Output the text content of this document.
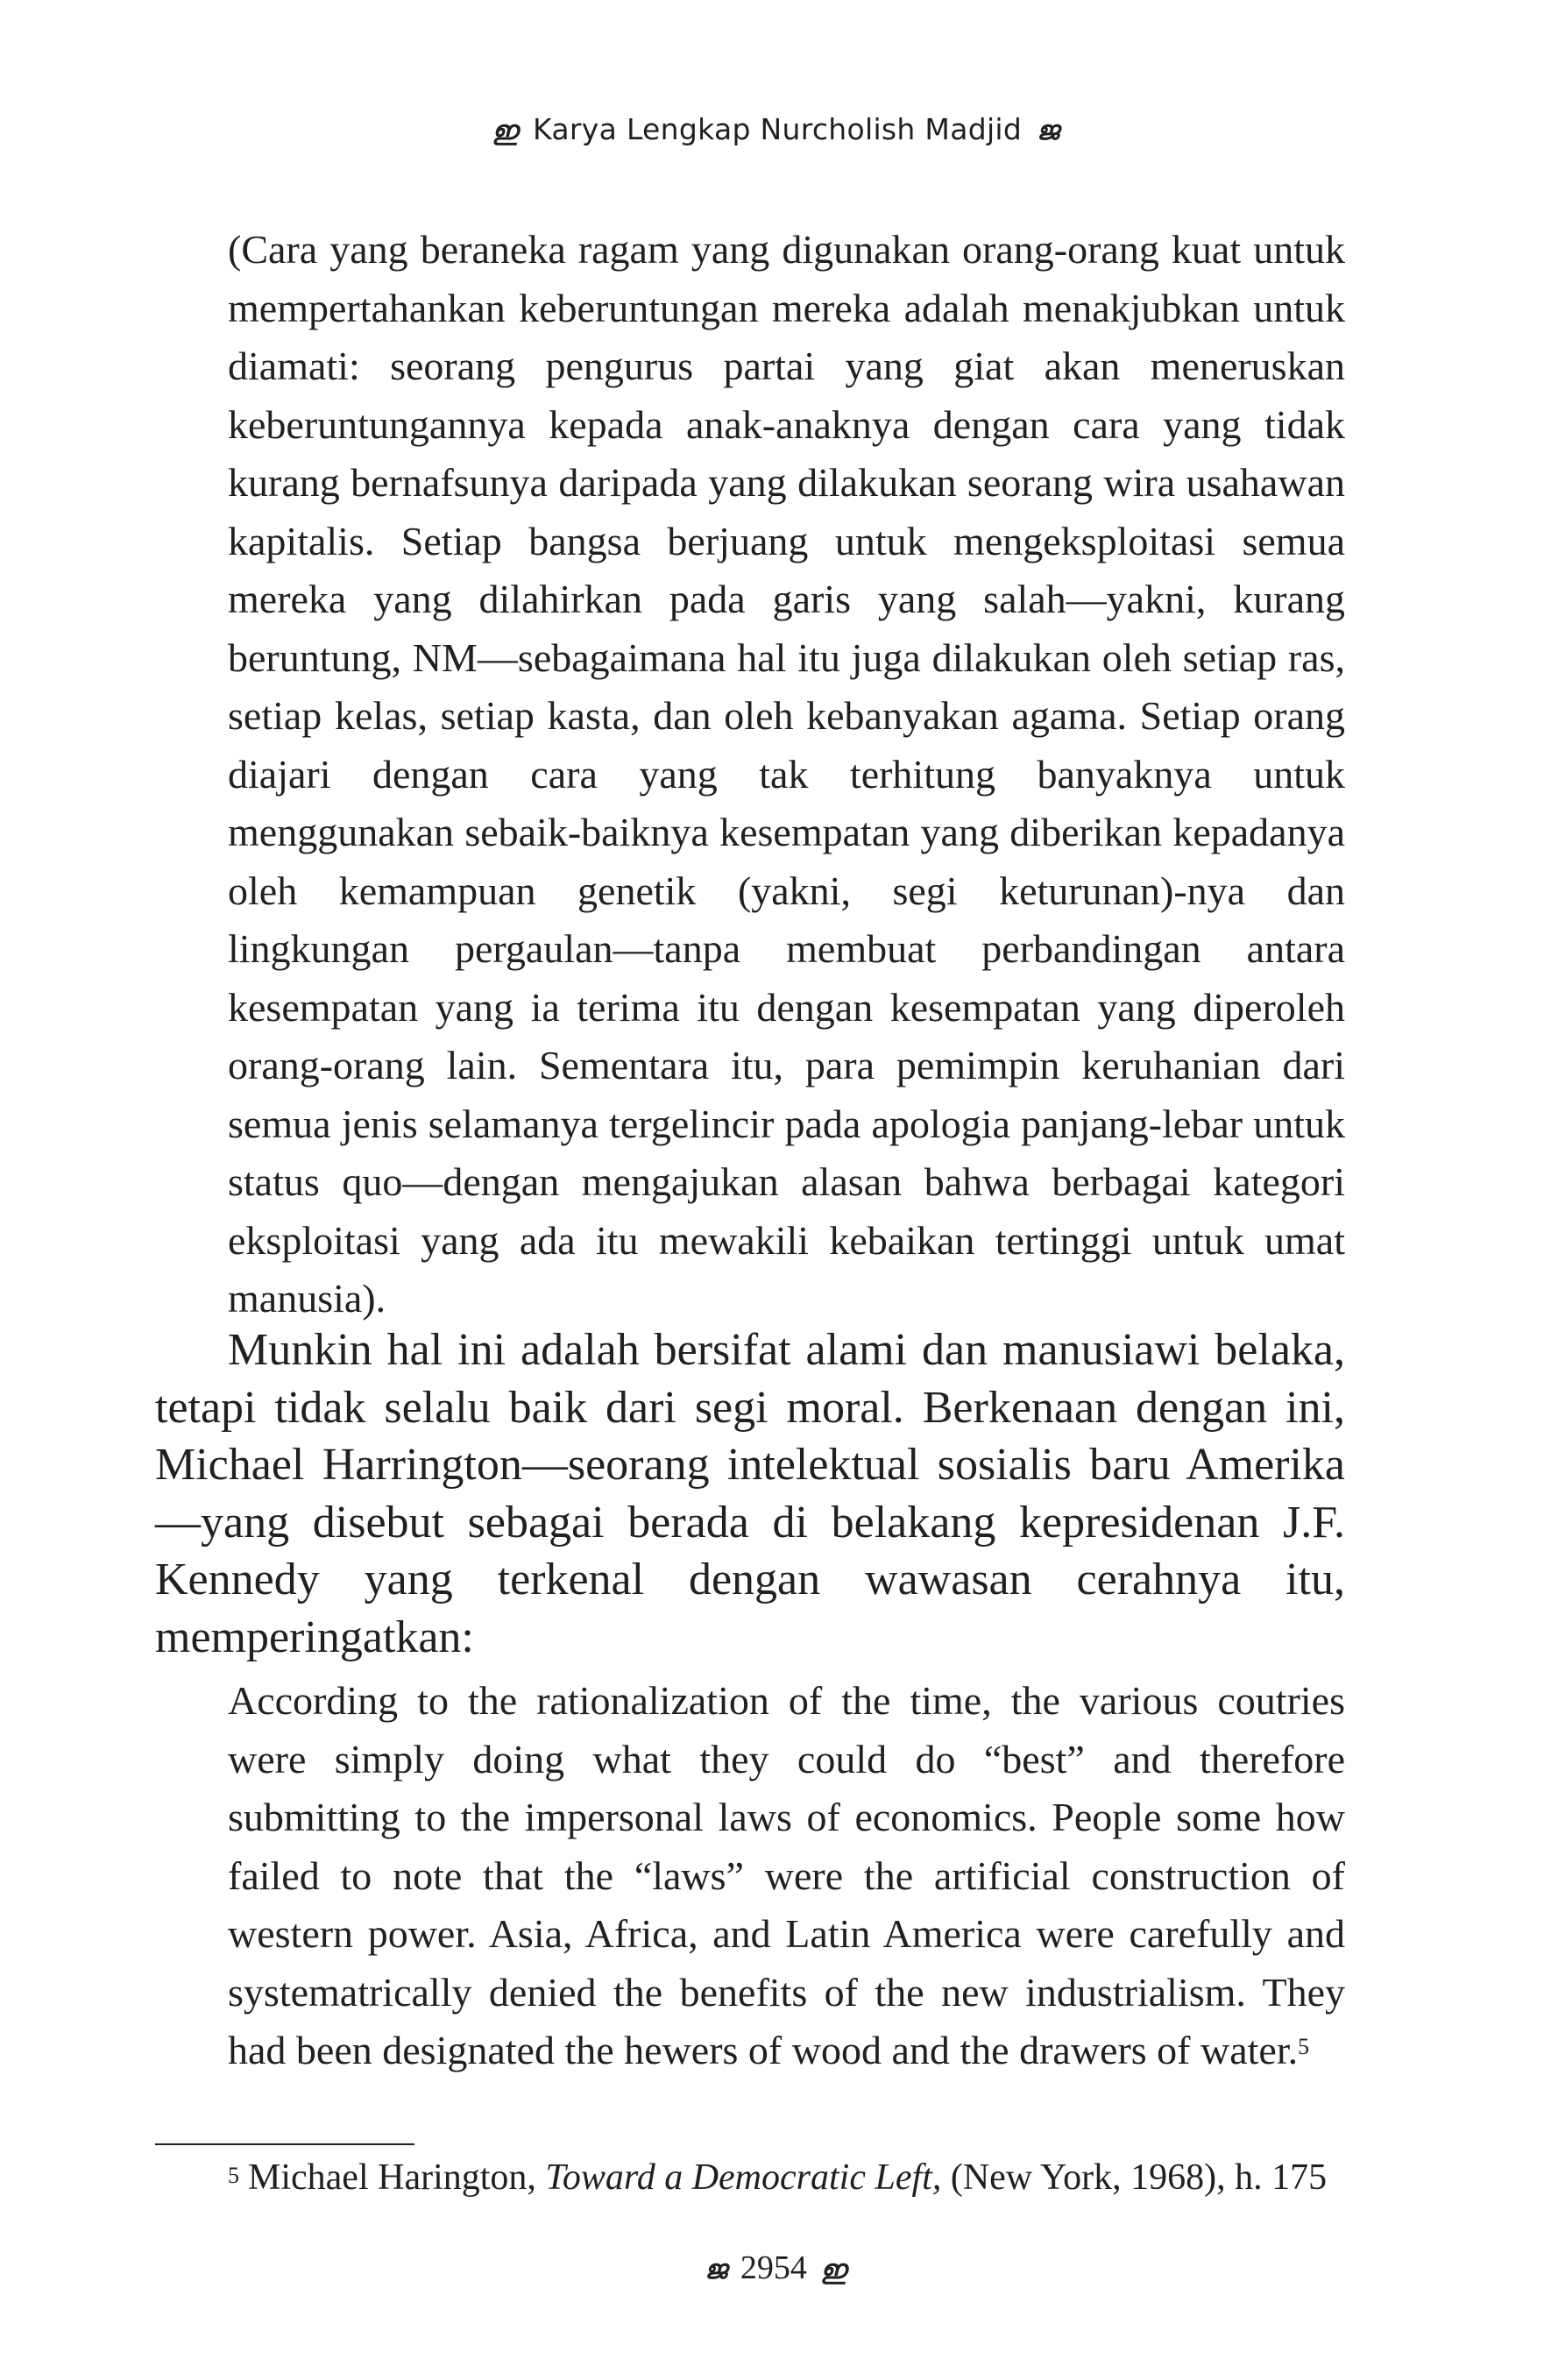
ഇ Karya Lengkap Nurcholish Madjid ജ
(Cara yang beraneka ragam yang digunakan orang-orang kuat untuk mempertahankan keberuntungan mereka adalah menakjubkan untuk diamati: seorang pengurus partai yang giat akan meneruskan keberuntungannya kepada anak-anaknya dengan cara yang tidak kurang bernafsunya daripada yang dilakukan seorang wira usahawan kapitalis. Setiap bangsa berjuang untuk mengeksploitasi semua mereka yang dilahirkan pada garis yang salah—yakni, kurang beruntung, NM—sebagaimana hal itu juga dilakukan oleh setiap ras, setiap kelas, setiap kasta, dan oleh kebanyakan agama. Setiap orang diajari dengan cara yang tak terhitung banyaknya untuk menggunakan sebaik-baiknya kesempatan yang diberikan kepadanya oleh kemampuan genetik (yakni, segi keturunan)-nya dan lingkungan pergaulan—tanpa membuat perbandingan antara kesempatan yang ia terima itu dengan kesempatan yang diperoleh orang-orang lain. Sementara itu, para pemimpin keruhanian dari semua jenis selamanya tergelincir pada apologia panjang-lebar untuk status quo—dengan mengajukan alasan bahwa berbagai kategori eksploitasi yang ada itu mewakili kebaikan tertinggi untuk umat manusia).
Munkin hal ini adalah bersifat alami dan manusiawi belaka, tetapi tidak selalu baik dari segi moral. Berkenaan dengan ini, Michael Harrington—seorang intelektual sosialis baru Amerika—yang disebut sebagai berada di belakang kepresidenan J.F. Kennedy yang terkenal dengan wawasan cerahnya itu, memperingatkan:
According to the rationalization of the time, the various coutries were simply doing what they could do “best” and therefore submitting to the impersonal laws of economics. People some how failed to note that the “laws” were the artificial construction of western power. Asia, Africa, and Latin America were carefully and systematrically denied the benefits of the new industrialism. They had been designated the hewers of wood and the drawers of water.$^5$
$^5$ Michael Harington, Toward a Democratic Left, (New York, 1968), h. 175
ജ 2954 ഇ
